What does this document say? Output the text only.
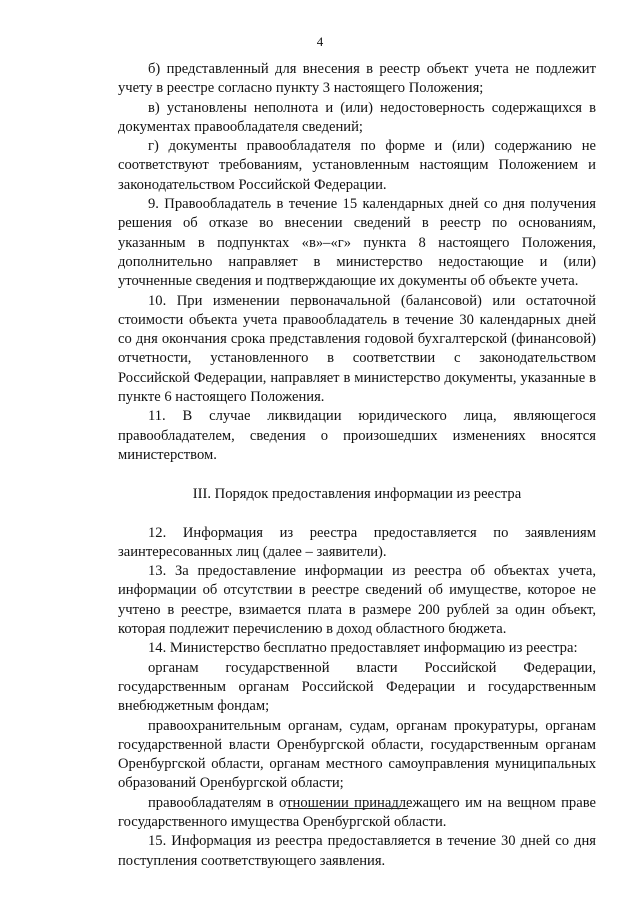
4

б) представленный для внесения в реестр объект учета не подлежит учету в реестре согласно пункту 3 настоящего Положения;

в) установлены неполнота и (или) недостоверность содержащихся в документах правообладателя сведений;

г) документы правообладателя по форме и (или) содержанию не соответствуют требованиям, установленным настоящим Положением и законодательством Российской Федерации.

9. Правообладатель в течение 15 календарных дней со дня получения решения об отказе во внесении сведений в реестр по основаниям, указанным в подпунктах «в»–«г» пункта 8 настоящего Положения, дополнительно направляет в министерство недостающие и (или) уточненные сведения и подтверждающие их документы об объекте учета.

10. При изменении первоначальной (балансовой) или остаточной стоимости объекта учета правообладатель в течение 30 календарных дней со дня окончания срока представления годовой бухгалтерской (финансовой) отчетности, установленного в соответствии с законодательством Российской Федерации, направляет в министерство документы, указанные в пункте 6 настоящего Положения.

11. В случае ликвидации юридического лица, являющегося правообладателем, сведения о произошедших изменениях вносятся министерством.

III. Порядок предоставления информации из реестра

12. Информация из реестра предоставляется по заявлениям заинтересованных лиц (далее – заявители).

13. За предоставление информации из реестра об объектах учета, информации об отсутствии в реестре сведений об имуществе, которое не учтено в реестре, взимается плата в размере 200 рублей за один объект, которая подлежит перечислению в доход областного бюджета.

14. Министерство бесплатно предоставляет информацию из реестра:

органам государственной власти Российской Федерации, государственным органам Российской Федерации и государственным внебюджетным фондам;

правоохранительным органам, судам, органам прокуратуры, органам государственной власти Оренбургской области, государственным органам Оренбургской области, органам местного самоуправления муниципальных образований Оренбургской области;

правообладателям в отношении принадлежащего им на вещном праве государственного имущества Оренбургской области.

15. Информация из реестра предоставляется в течение 30 дней со дня поступления соответствующего заявления.
